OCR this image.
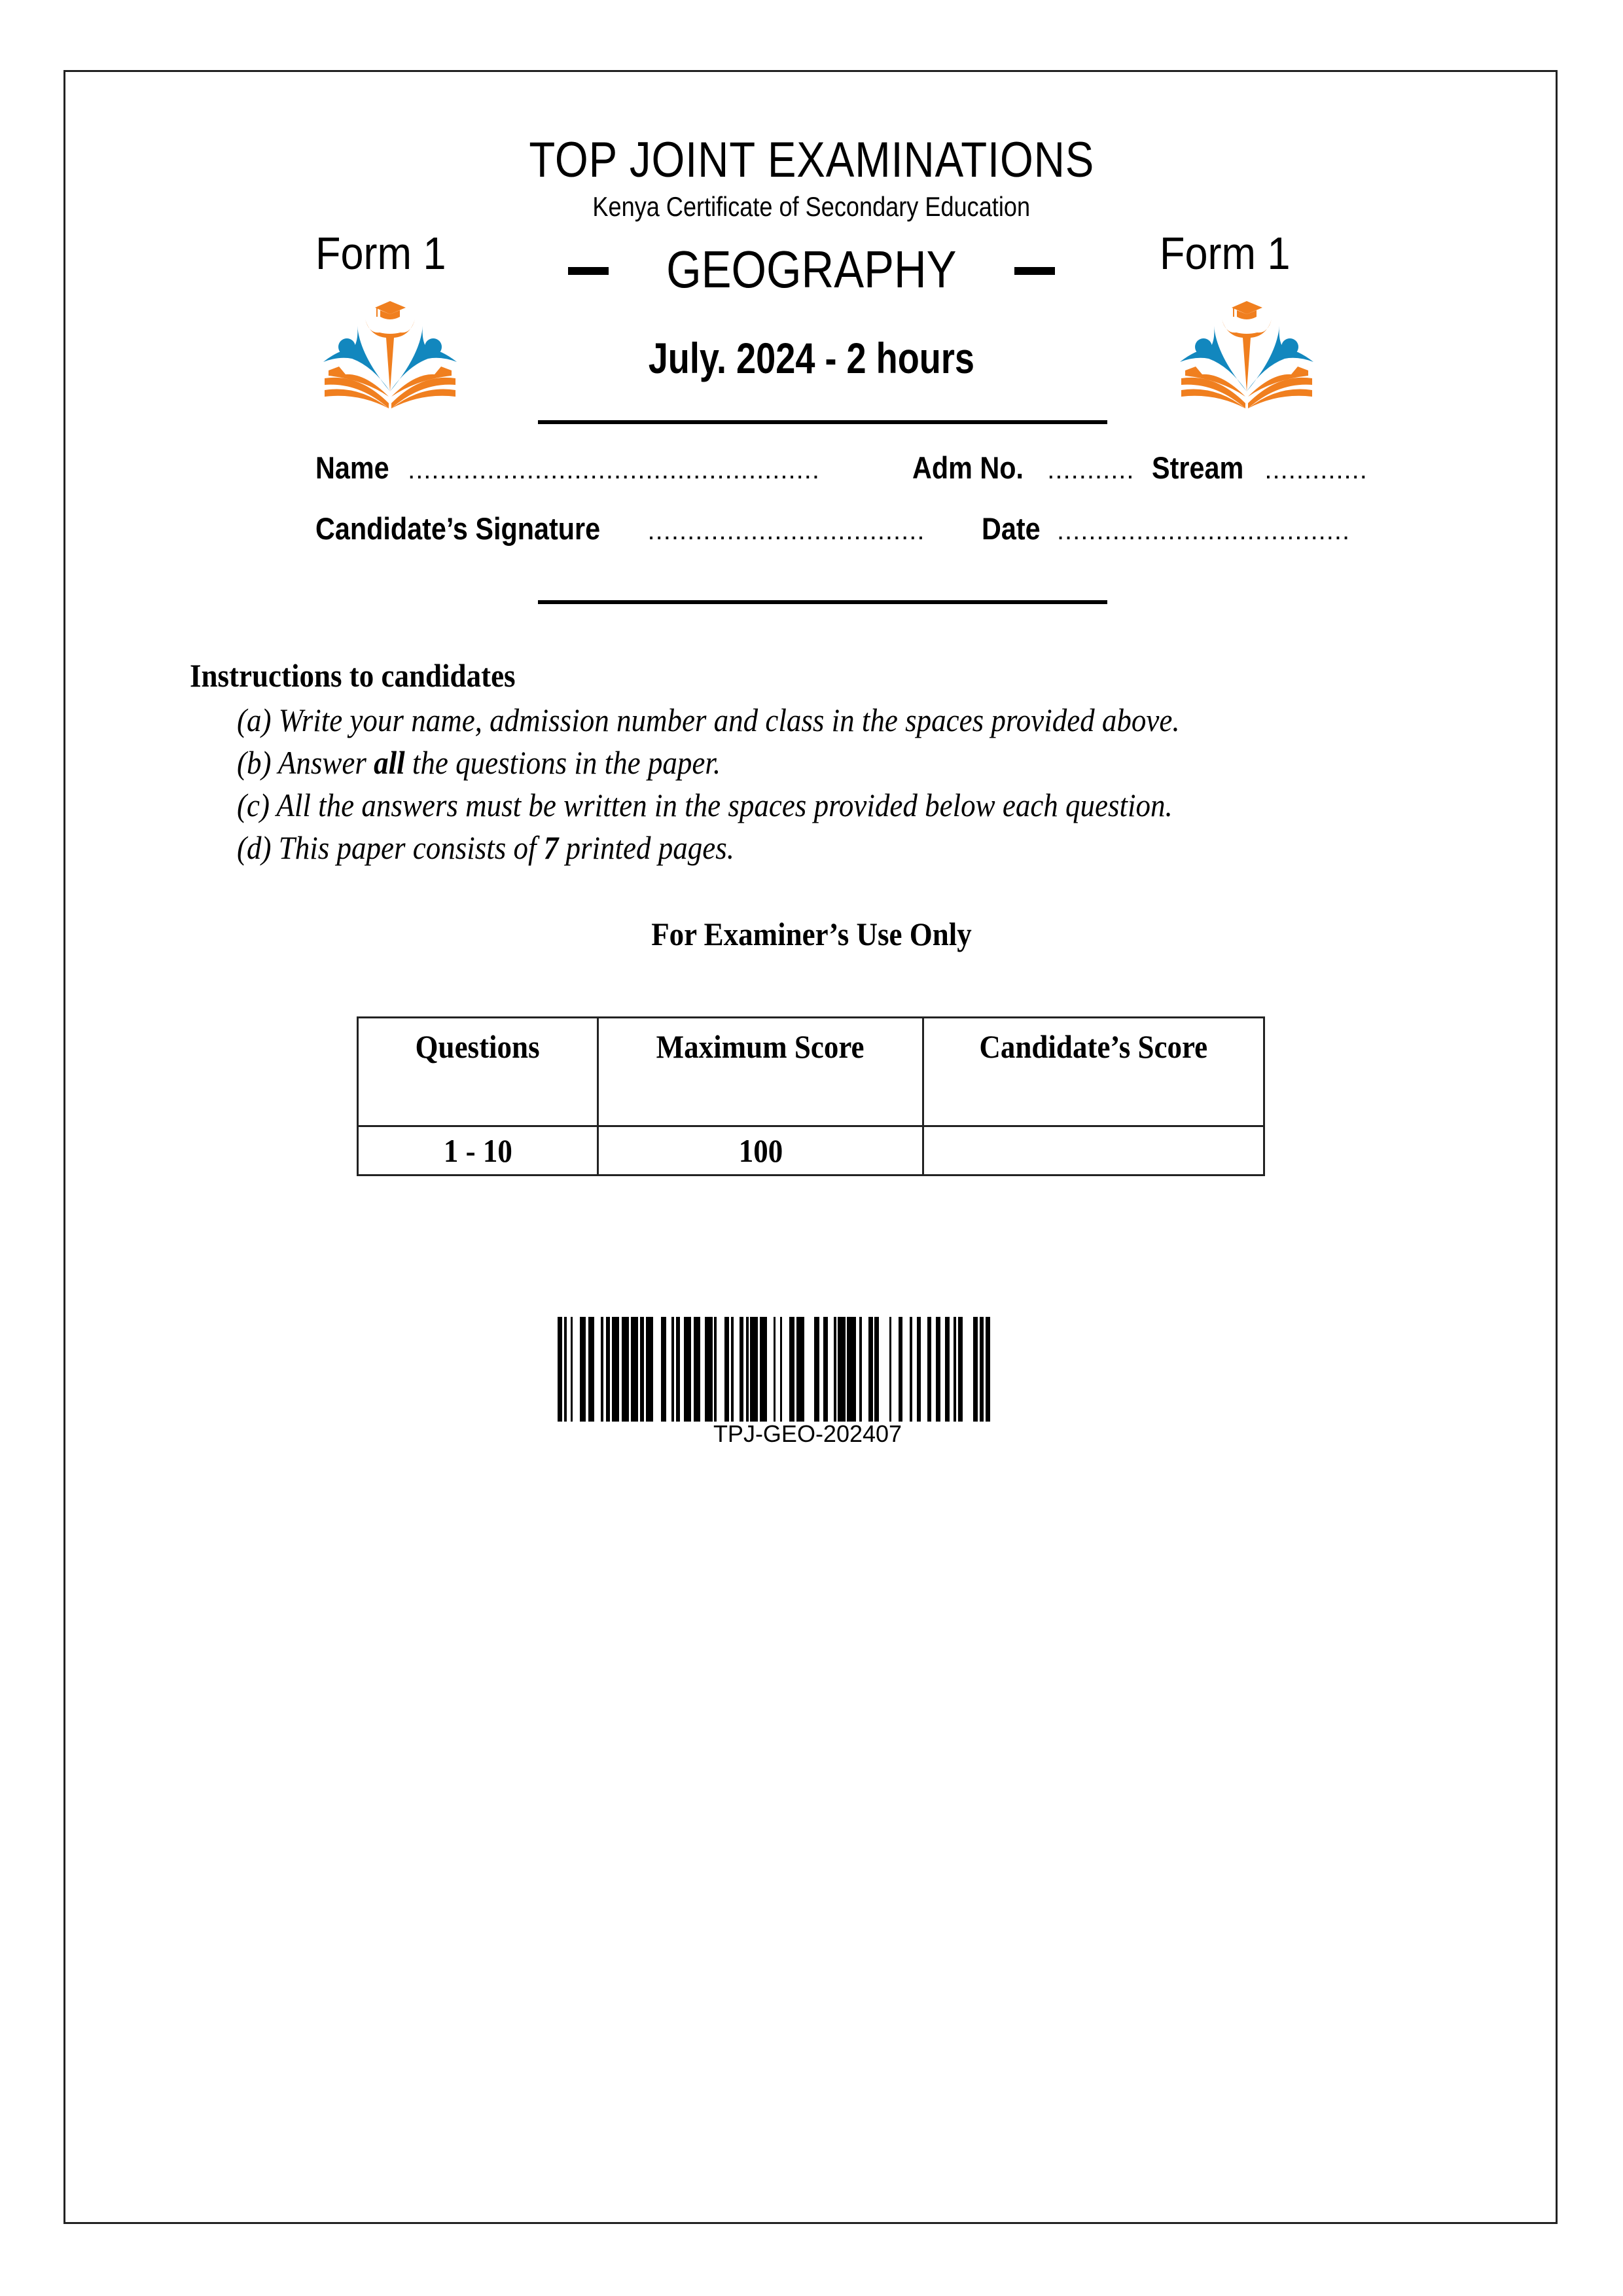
TOP JOINT EXAMINATIONS
Kenya Certificate of Secondary Education
Form 1	Form 1
GEOGRAPHY
July. 2024 - 2 hours
Name ....................................................	Adm No. ........... Stream .............
Candidate’s Signature ................................... Date .....................................
Instructions to candidates
(a) Write your name, admission number and class in the spaces provided above.
(b) Answer all the questions in the paper.
(c) All the answers must be written in the spaces provided below each question.
(d) This paper consists of 7 printed pages.
For Examiner’s Use Only
Questions	Maximum Score	Candidate’s Score
1 - 10	100	
TPJ-GEO-202407
